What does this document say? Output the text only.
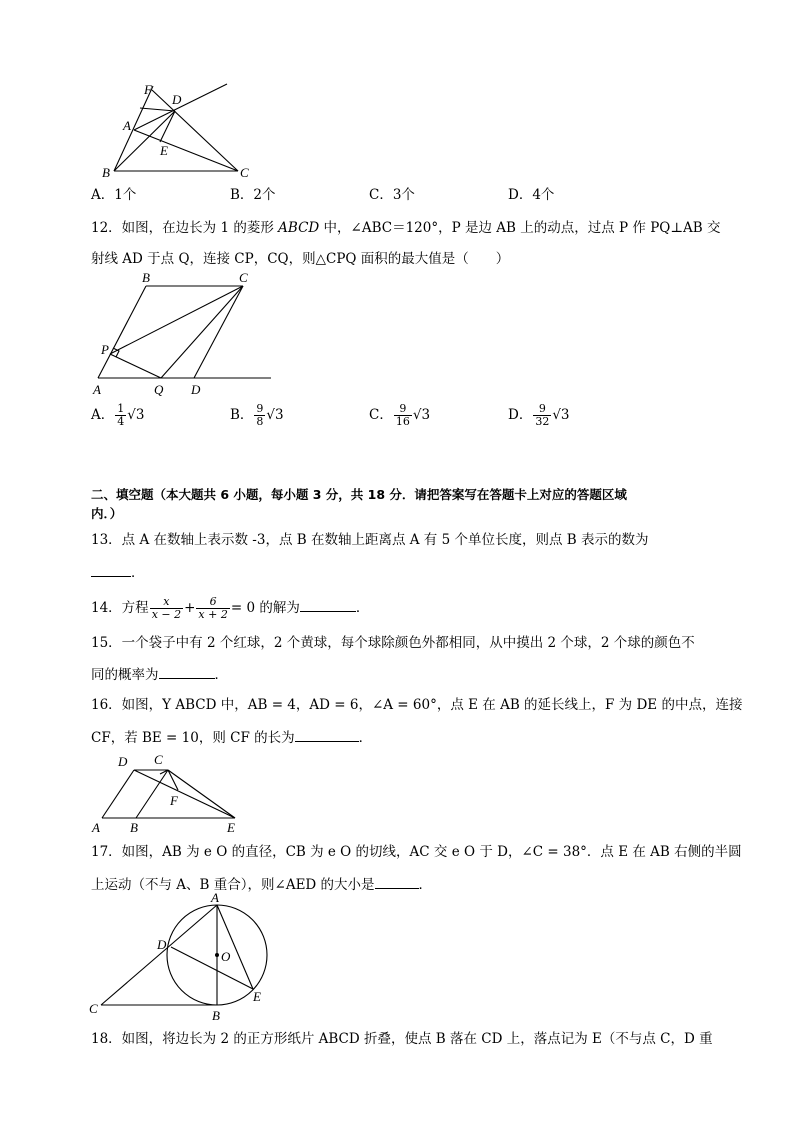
F
D
A
E
B	C
A．1个	B．2个	C．3个	D．4个
12．如图，在边长为 1 的菱形 ABCD 中，∠ABC＝120°，P 是边 AB 上的动点，过点 P 作 PQ⊥AB 交
射线 AD 于点 Q，连接 CP，CQ，则△CPQ 面积的最大值是（　　）
B	C
P
A	Q D
A． $\frac{1}{4} √3$	B． $\frac{9}{8} √3$	C． $\frac{9}{16} √3$	D． $\frac{9}{32} √3$
二、填空题（本大题共 6 小题，每小题 3 分，共 18 分．请把答案写在答题卡上对应的答题区域
内．）
13．点 A 在数轴上表示数 -3，点 B 在数轴上距离点 A 有 5 个单位长度，则点 B 表示的数为
．
14．方程 $\frac{x}{x - 2} + \frac{6}{x + 2} = 0$ 的解为	．
15．一个袋子中有 2 个红球，2 个黄球，每个球除颜色外都相同，从中摸出 2 个球，2 个球的颜色不
同的概率为	．
16．如图，Y ABCD 中，AB = 4，AD = 6，∠A = 60°，点 E 在 AB 的延长线上，F 为 DE 的中点，连接
CF，若 BE = 10，则 CF 的长为	．
D C
F
A B	E
17．如图，AB 为 e O 的直径，CB 为 e O 的切线，AC 交 e O 于 D，∠C = 38°．点 E 在 AB 右侧的半圆
上运动（不与 A、B 重合），则∠AED 的大小是	．
A
D
O
E
C	B
18．如图，将边长为 2 的正方形纸片 ABCD 折叠，使点 B 落在 CD 上，落点记为 E（不与点 C，D 重
